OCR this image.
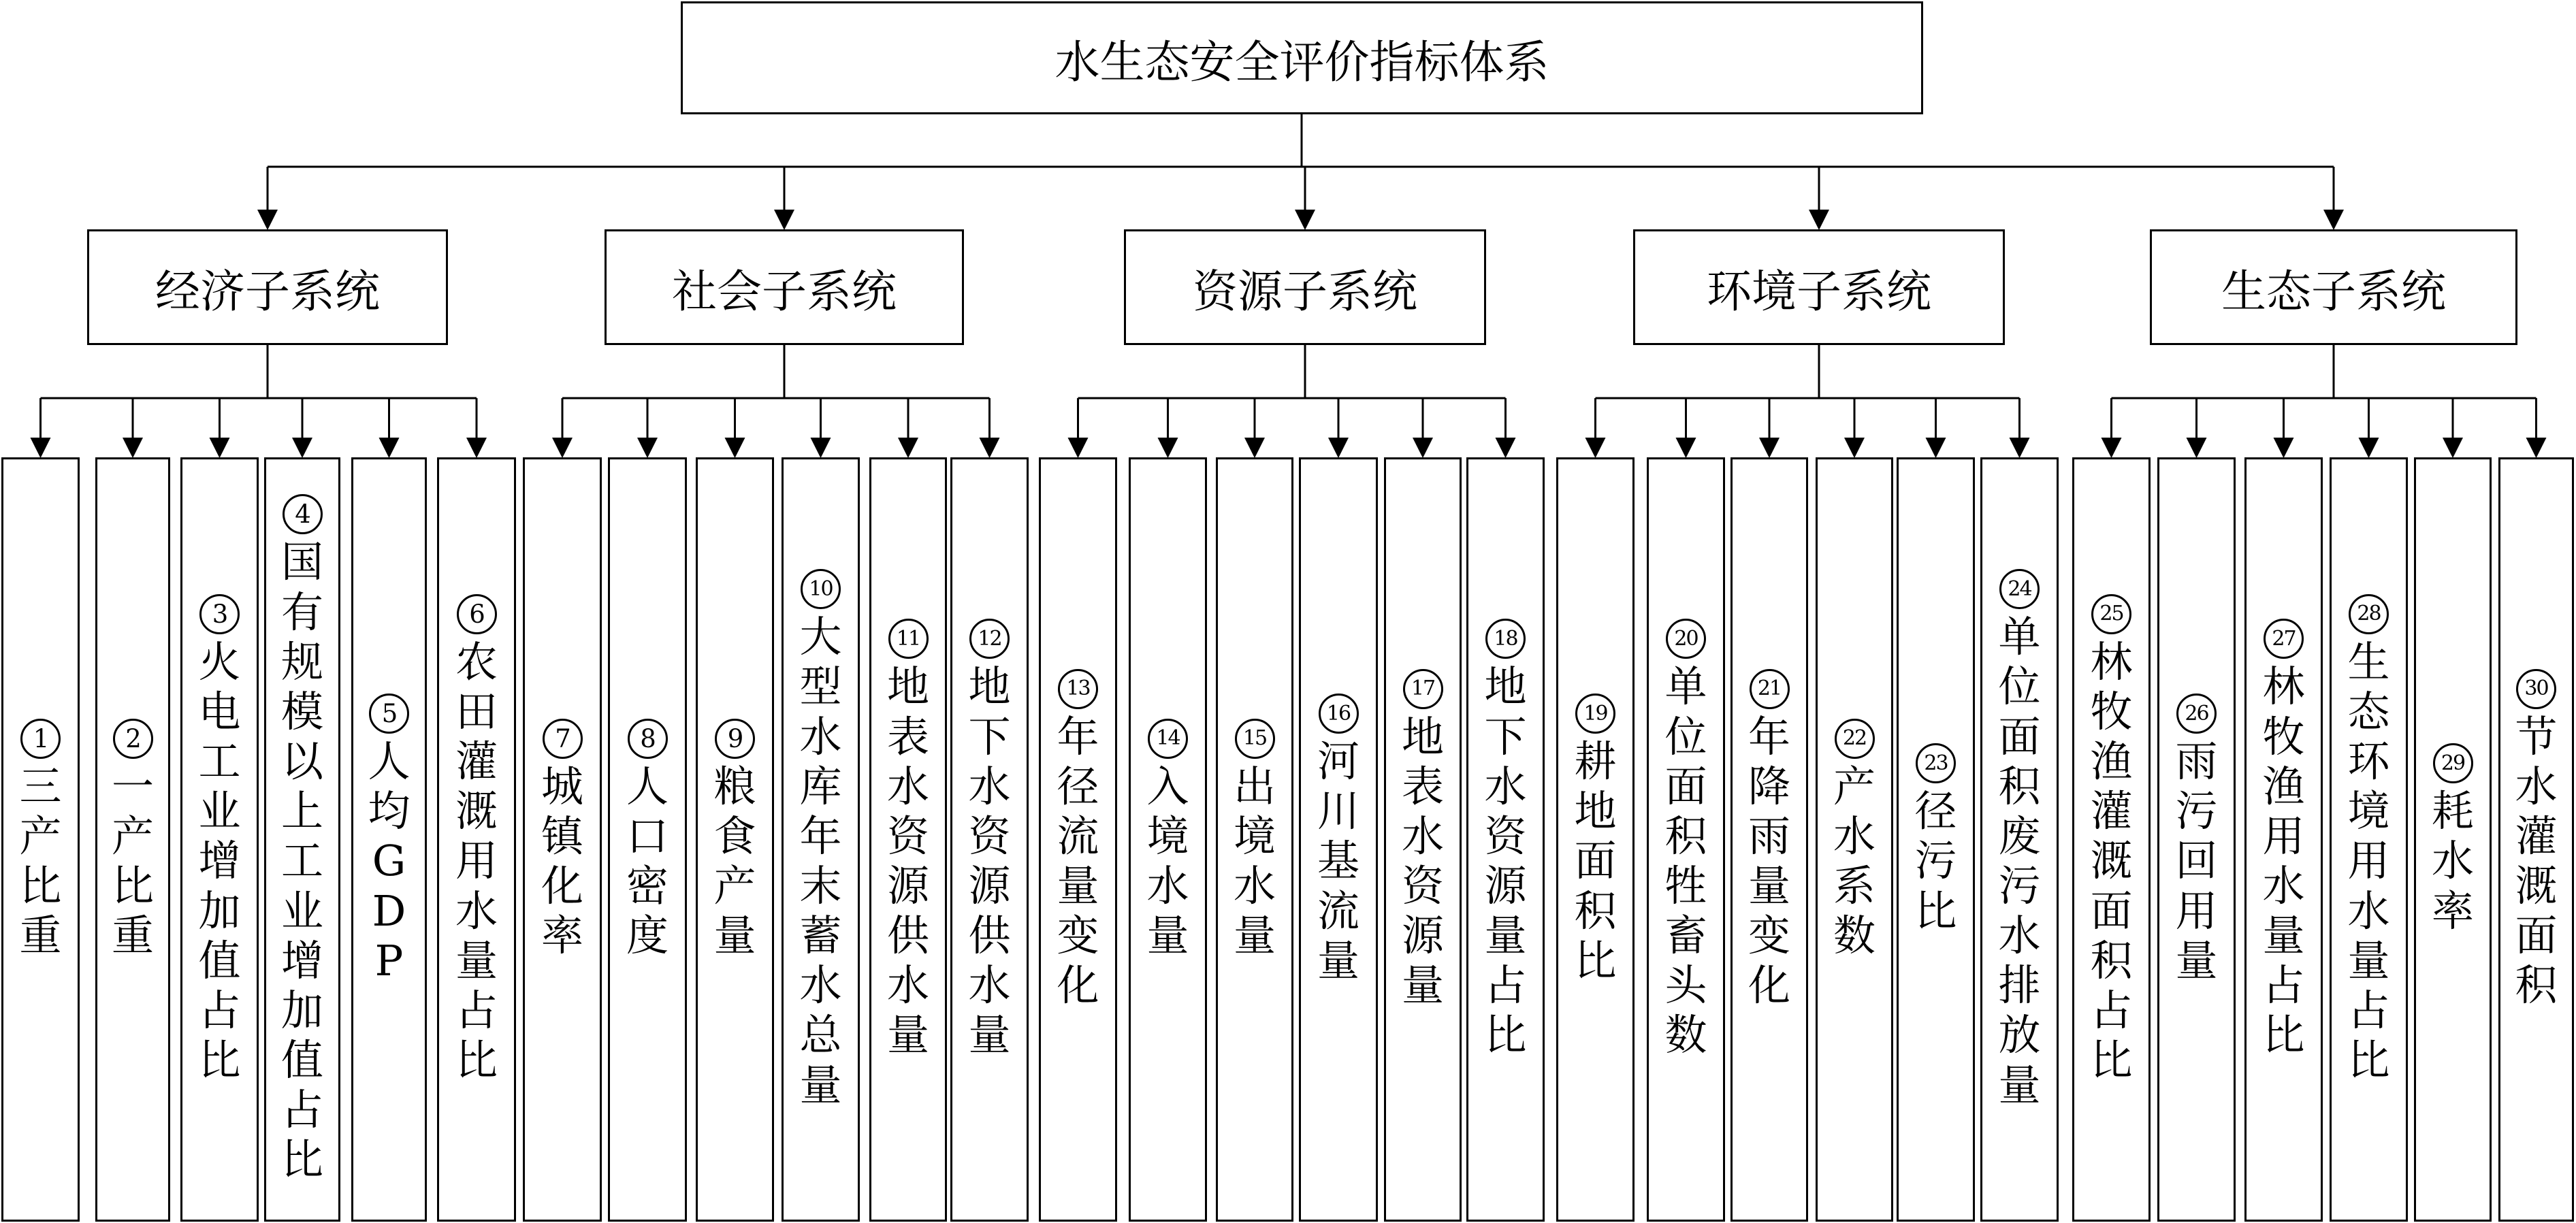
水生态安全评价指标体系
经济子系统
1
三
产
比
重
2
一
产
比
重
3
火
电
工
业
增
加
值
占
比
4
国
有
规
模
以
上
工
业
增
加
值
占
比
5
人
均
G
D
P
6
农
田
灌
溉
用
水
量
占
比
社会子系统
7
城
镇
化
率
8
人
口
密
度
9
粮
食
产
量
10
大
型
水
库
年
末
蓄
水
总
量
11
地
表
水
资
源
供
水
量
12
地
下
水
资
源
供
水
量
资源子系统
13
年
径
流
量
变
化
14
入
境
水
量
15
出
境
水
量
16
河
川
基
流
量
17
地
表
水
资
源
量
18
地
下
水
资
源
量
占
比
环境子系统
19
耕
地
面
积
比
20
单
位
面
积
牲
畜
头
数
21
年
降
雨
量
变
化
22
产
水
系
数
23
径
污
比
24
单
位
面
积
废
污
水
排
放
量
生态子系统
25
林
牧
渔
灌
溉
面
积
占
比
26
雨
污
回
用
量
27
林
牧
渔
用
水
量
占
比
28
生
态
环
境
用
水
量
占
比
29
耗
水
率
30
节
水
灌
溉
面
积
